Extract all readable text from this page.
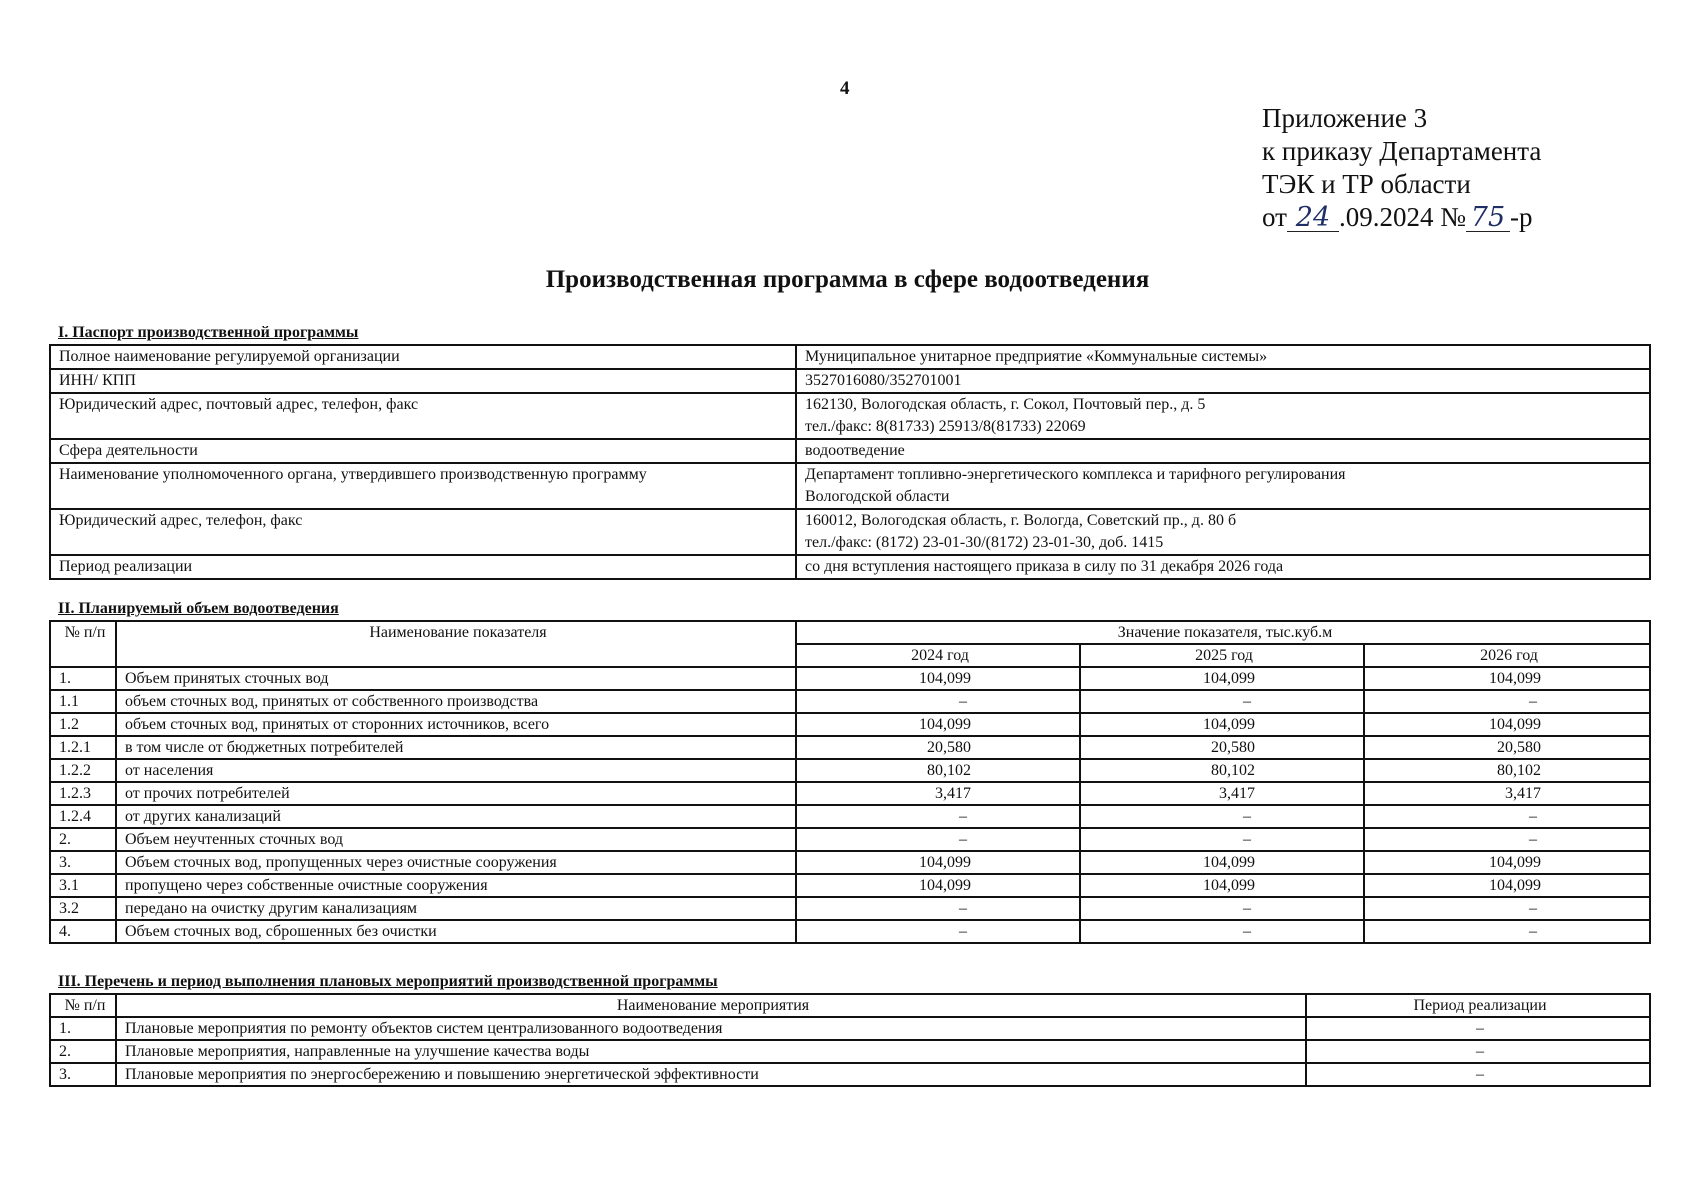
4
Приложение 3
к приказу Департамента
ТЭК и ТР области
от 24 .09.2024 № 75 -р
Производственная программа в сфере водоотведения
I. Паспорт производственной программы
Полное наименование регулируемой организации	Муниципальное унитарное предприятие «Коммунальные системы»

ИНН/ КПП	3527016080/352701001

Юридический адрес, почтовый адрес, телефон, факс	162130, Вологодская область, г. Сокол, Почтовый пер., д. 5
тел./факс: 8(81733) 25913/8(81733) 22069

Сфера деятельности	водоотведение

Наименование уполномоченного органа, утвердившего производственную программу	Департамент топливно-энергетического комплекса и тарифного регулирования
Вологодской области

Юридический адрес, телефон, факс	160012, Вологодская область, г. Вологда, Советский пр., д. 80 б
тел./факс: (8172) 23-01-30/(8172) 23-01-30, доб. 1415

Период реализации	со дня вступления настоящего приказа в силу по 31 декабря 2026 года
II. Планируемый объем водоотведения
№ п/п	Наименование показателя	Значение показателя, тыс.куб.м		
		2024 год	2025 год	2026 год
1.	Объем принятых сточных вод	104,099	104,099	104,099
1.1	объем сточных вод, принятых от собственного производства	–	–	–
1.2	объем сточных вод, принятых от сторонних источников, всего	104,099	104,099	104,099
1.2.1	в том числе от бюджетных потребителей	20,580	20,580	20,580
1.2.2	от населения	80,102	80,102	80,102
1.2.3	от прочих потребителей	3,417	3,417	3,417
1.2.4	от других канализаций	–	–	–
2.	Объем неучтенных сточных вод	–	–	–
3.	Объем сточных вод, пропущенных через очистные сооружения	104,099	104,099	104,099
3.1	пропущено через собственные очистные сооружения	104,099	104,099	104,099
3.2	передано на очистку другим канализациям	–	–	–
4.	Объем сточных вод, сброшенных без очистки	–	–	–
III. Перечень и период выполнения плановых мероприятий производственной программы
№ п/п	Наименование мероприятия	Период реализации
1.	Плановые мероприятия по ремонту объектов систем централизованного водоотведения	–
2.	Плановые мероприятия, направленные на улучшение качества воды	–
3.	Плановые мероприятия по энергосбережению и повышению энергетической эффективности	–
